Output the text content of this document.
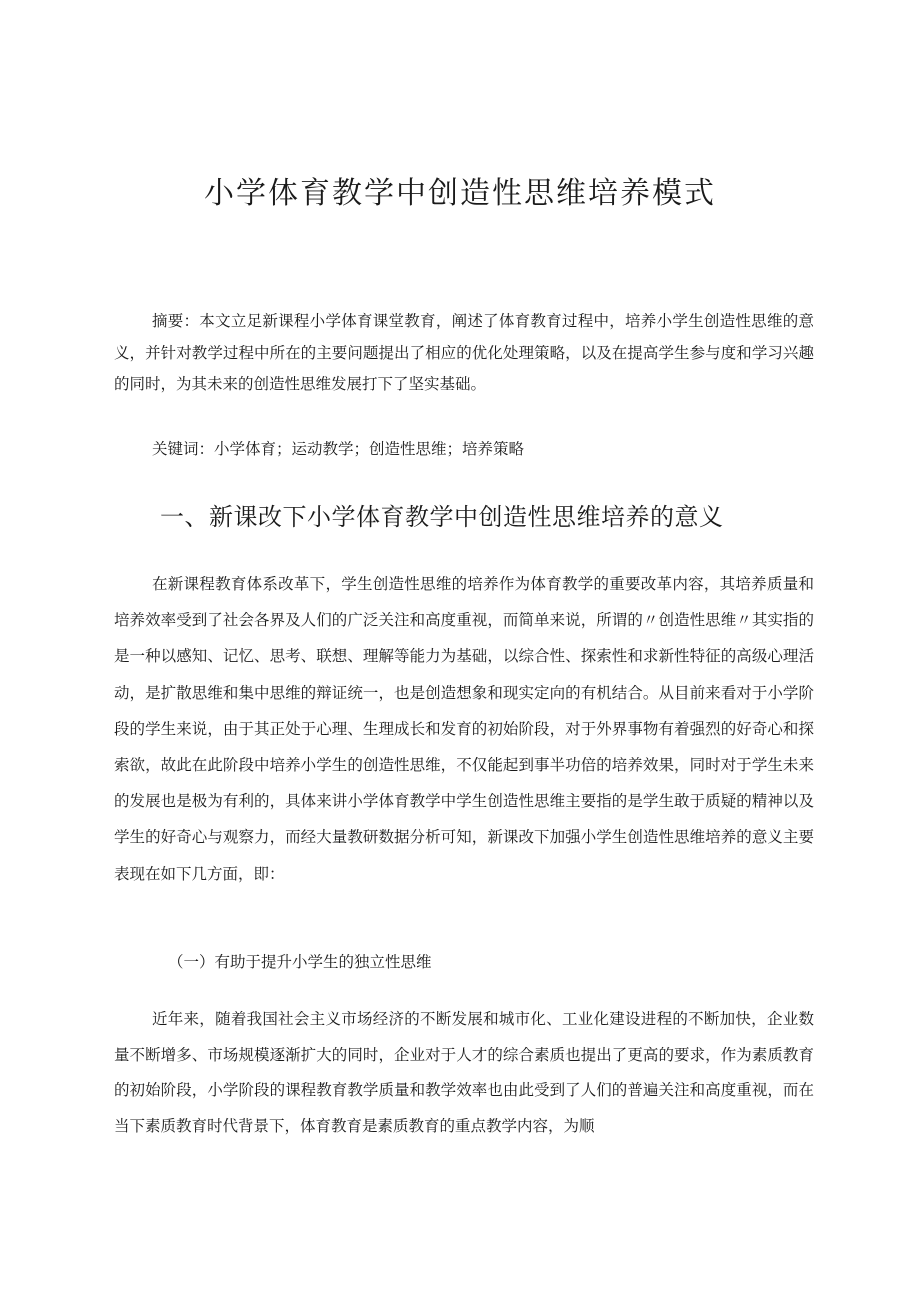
小学体育教学中创造性思维培养模式

摘要：本文立足新课程小学体育课堂教育，阐述了体育教育过程中，培养小学生创造性思维的意义，并针对教学过程中所在的主要问题提出了相应的优化处理策略，以及在提高学生参与度和学习兴趣的同时，为其未来的创造性思维发展打下了坚实基础。

关键词：小学体育；运动教学；创造性思维；培养策略

一、新课改下小学体育教学中创造性思维培养的意义

在新课程教育体系改革下，学生创造性思维的培养作为体育教学的重要改革内容，其培养质量和培养效率受到了社会各界及人们的广泛关注和高度重视，而简单来说，所谓的〃创造性思维〃其实指的是一种以感知、记忆、思考、联想、理解等能力为基础，以综合性、探索性和求新性特征的高级心理活动，是扩散思维和集中思维的辩证统一，也是创造想象和现实定向的有机结合。从目前来看对于小学阶段的学生来说，由于其正处于心理、生理成长和发育的初始阶段，对于外界事物有着强烈的好奇心和探索欲，故此在此阶段中培养小学生的创造性思维，不仅能起到事半功倍的培养效果，同时对于学生未来的发展也是极为有利的，具体来讲小学体育教学中学生创造性思维主要指的是学生敢于质疑的精神以及学生的好奇心与观察力，而经大量教研数据分析可知，新课改下加强小学生创造性思维培养的意义主要表现在如下几方面，即：

（一）有助于提升小学生的独立性思维

近年来，随着我国社会主义市场经济的不断发展和城市化、工业化建设进程的不断加快，企业数量不断增多、市场规模逐渐扩大的同时，企业对于人才的综合素质也提出了更高的要求，作为素质教育的初始阶段，小学阶段的课程教育教学质量和教学效率也由此受到了人们的普遍关注和高度重视，而在当下素质教育时代背景下，体育教育是素质教育的重点教学内容，为顺
